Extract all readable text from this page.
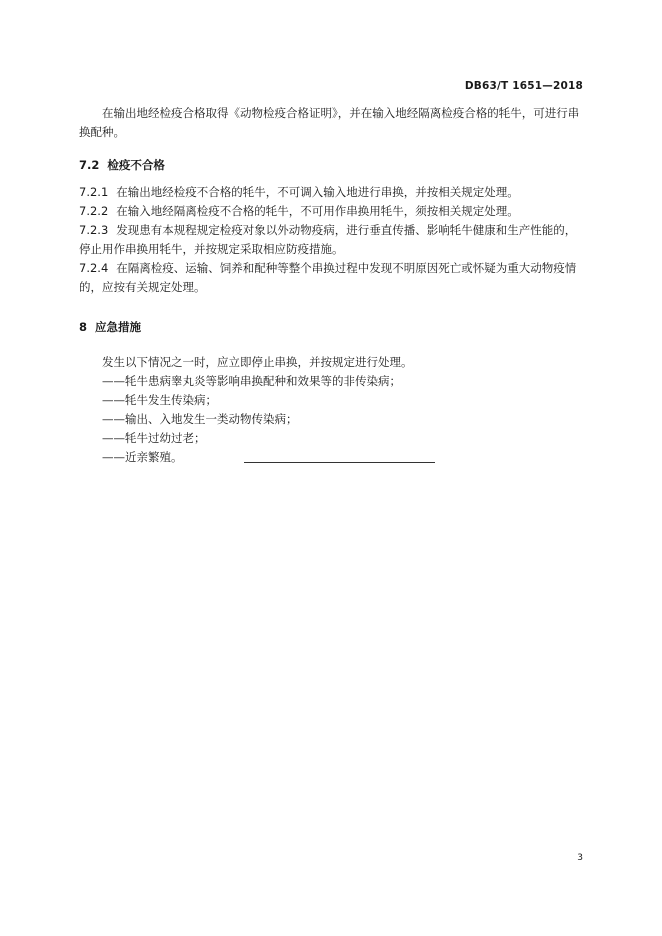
DB63/T 1651—2018

在输出地经检疫合格取得《动物检疫合格证明》，并在输入地经隔离检疫合格的牦牛，可进行串换配种。

7.2 检疫不合格

7.2.1 在输出地经检疫不合格的牦牛，不可调入输入地进行串换，并按相关规定处理。

7.2.2 在输入地经隔离检疫不合格的牦牛，不可用作串换用牦牛，须按相关规定处理。

7.2.3 发现患有本规程规定检疫对象以外动物疫病，进行垂直传播、影响牦牛健康和生产性能的，停止用作串换用牦牛，并按规定采取相应防疫措施。

7.2.4 在隔离检疫、运输、饲养和配种等整个串换过程中发现不明原因死亡或怀疑为重大动物疫情的，应按有关规定处理。

8 应急措施

发生以下情况之一时，应立即停止串换，并按规定进行处理。

——牦牛患病睾丸炎等影响串换配种和效果等的非传染病；
——牦牛发生传染病；
——输出、入地发生一类动物传染病；
——牦牛过幼过老；
——近亲繁殖。
3
